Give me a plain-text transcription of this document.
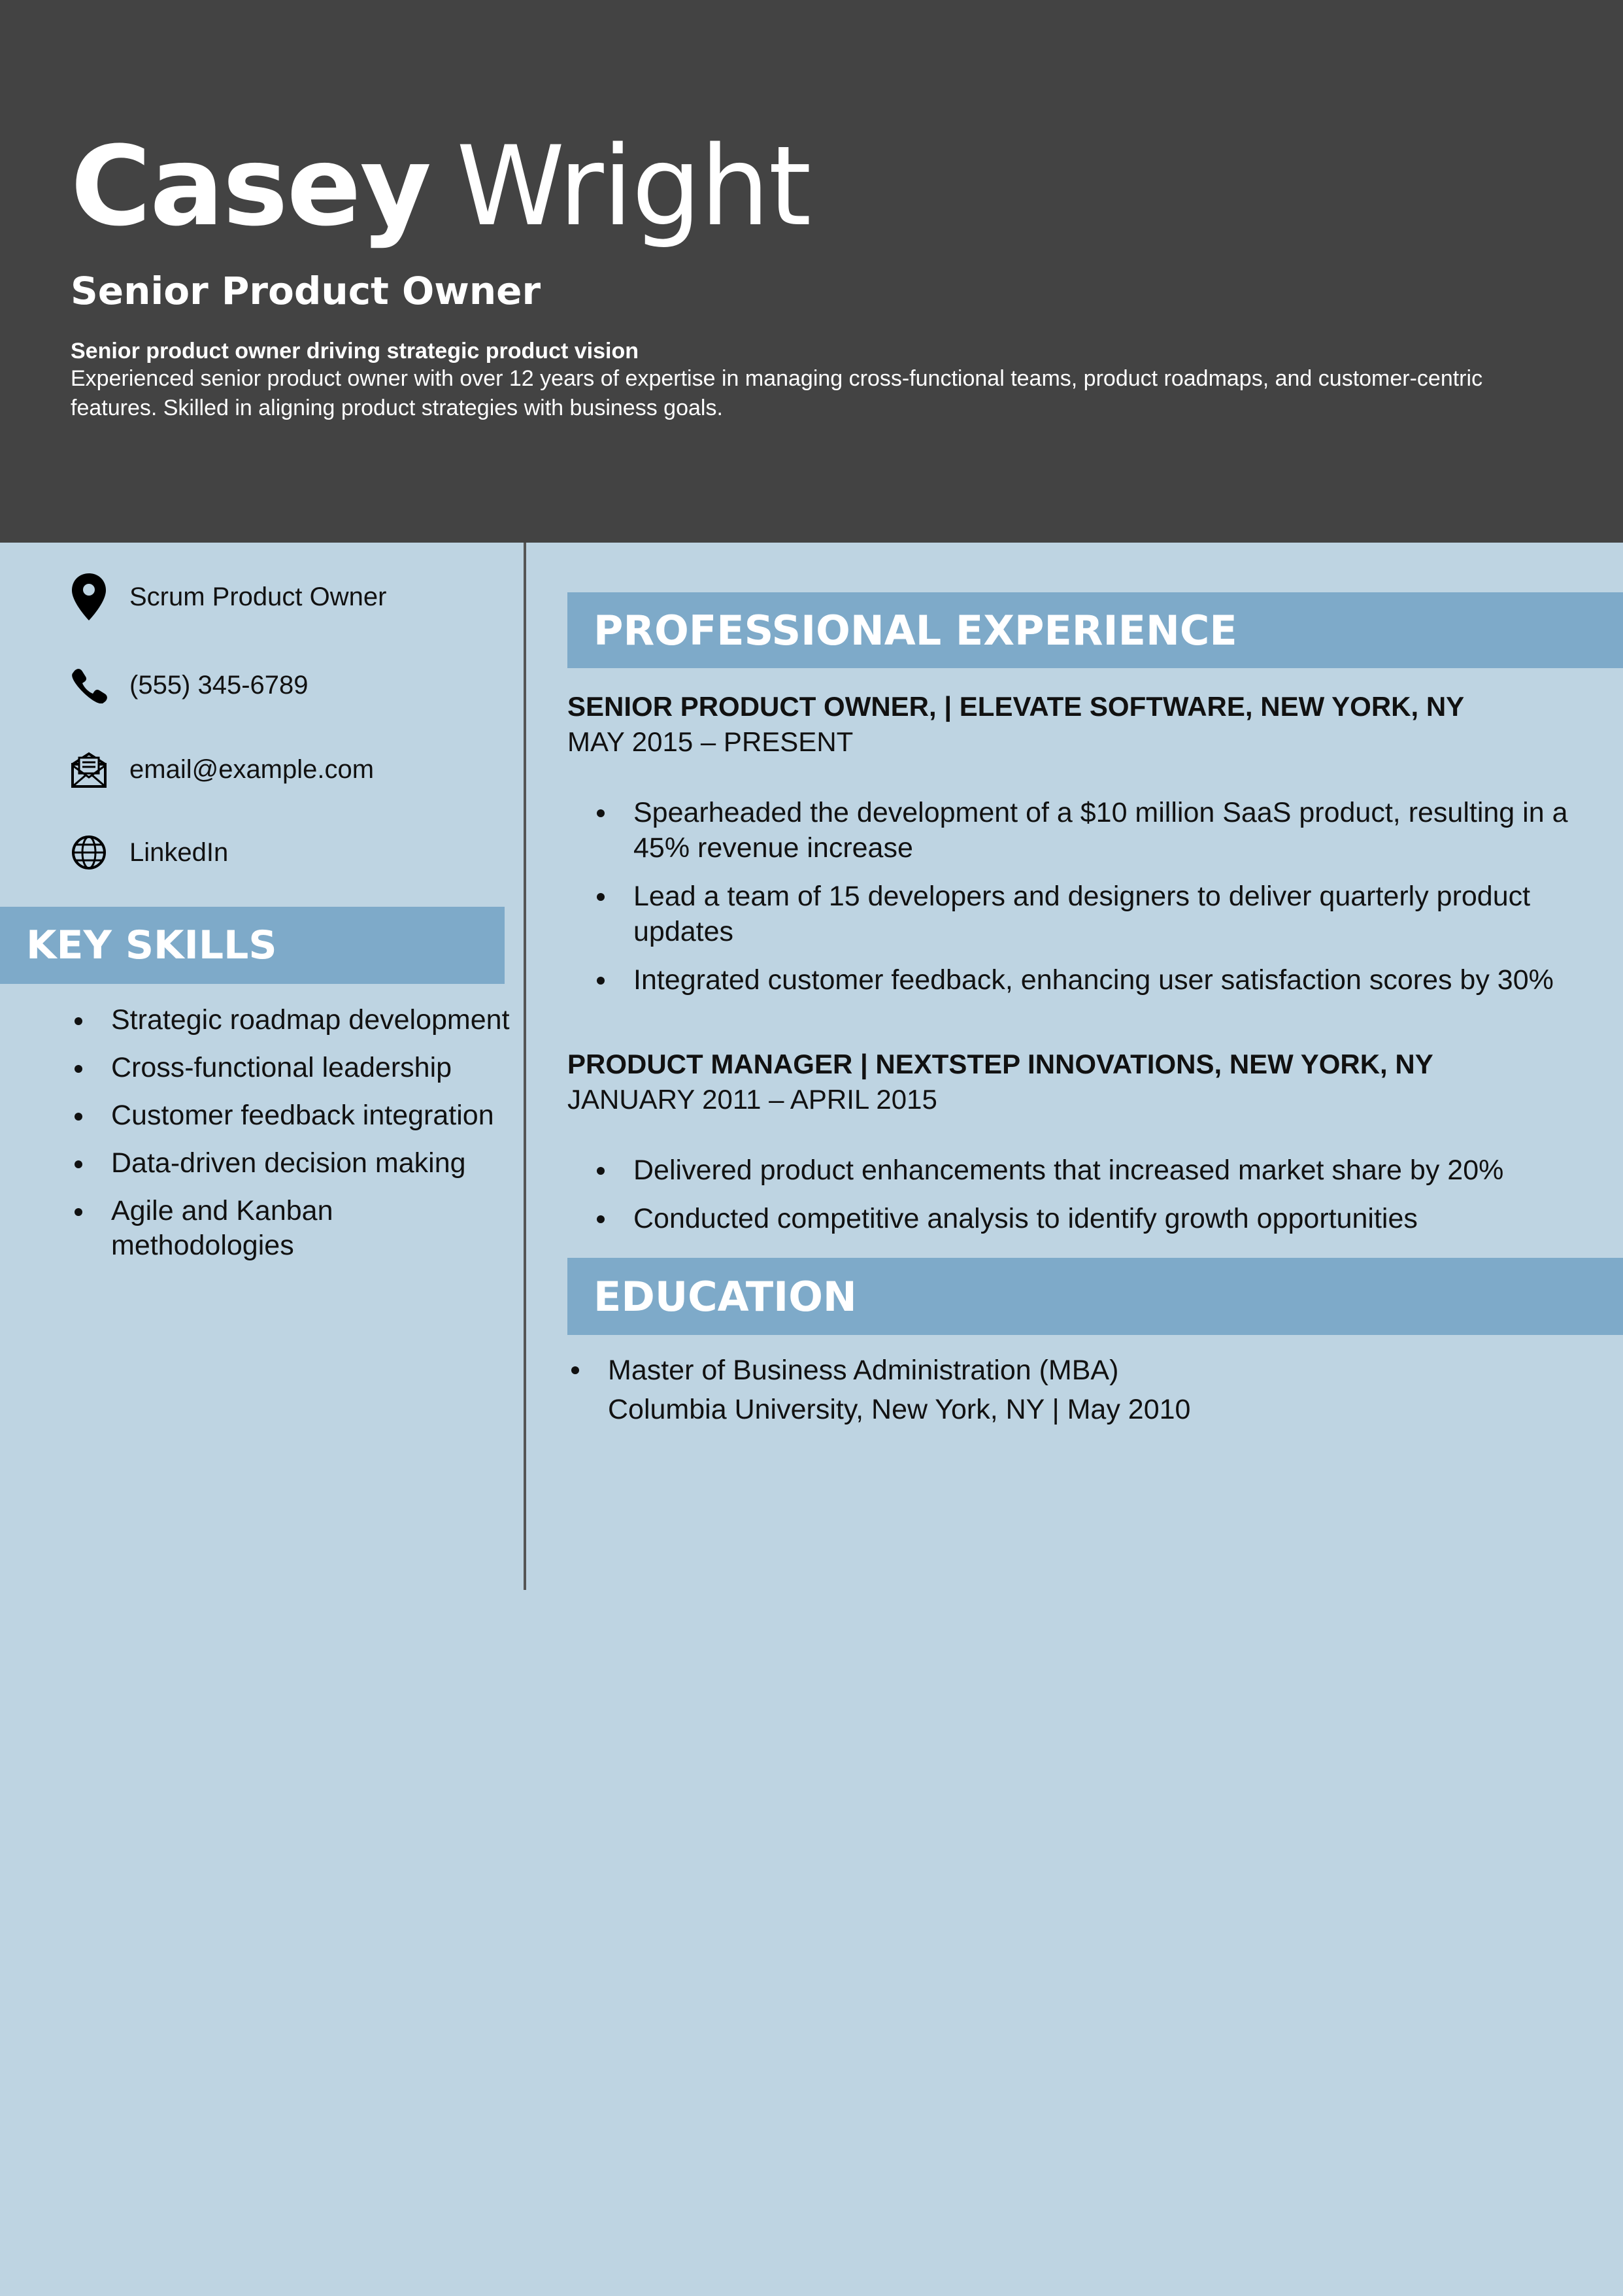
Casey Wright
Senior Product Owner
Senior product owner driving strategic product vision
Experienced senior product owner with over 12 years of expertise in managing cross-functional teams, product roadmaps, and customer-centric features. Skilled in aligning product strategies with business goals.
Scrum Product Owner
(555) 345-6789
email@example.com
LinkedIn
KEY SKILLS
Strategic roadmap development
Cross-functional leadership
Customer feedback integration
Data-driven decision making
Agile and Kanban methodologies
PROFESSIONAL EXPERIENCE
SENIOR PRODUCT OWNER, | ELEVATE SOFTWARE, NEW YORK, NY
MAY 2015 – PRESENT
Spearheaded the development of a $10 million SaaS product, resulting in a 45% revenue increase
Lead a team of 15 developers and designers to deliver quarterly product updates
Integrated customer feedback, enhancing user satisfaction scores by 30%
PRODUCT MANAGER | NEXTSTEP INNOVATIONS, NEW YORK, NY
JANUARY 2011 – APRIL 2015
Delivered product enhancements that increased market share by 20%
Conducted competitive analysis to identify growth opportunities
EDUCATION
Master of Business Administration (MBA)
Columbia University, New York, NY | May 2010
